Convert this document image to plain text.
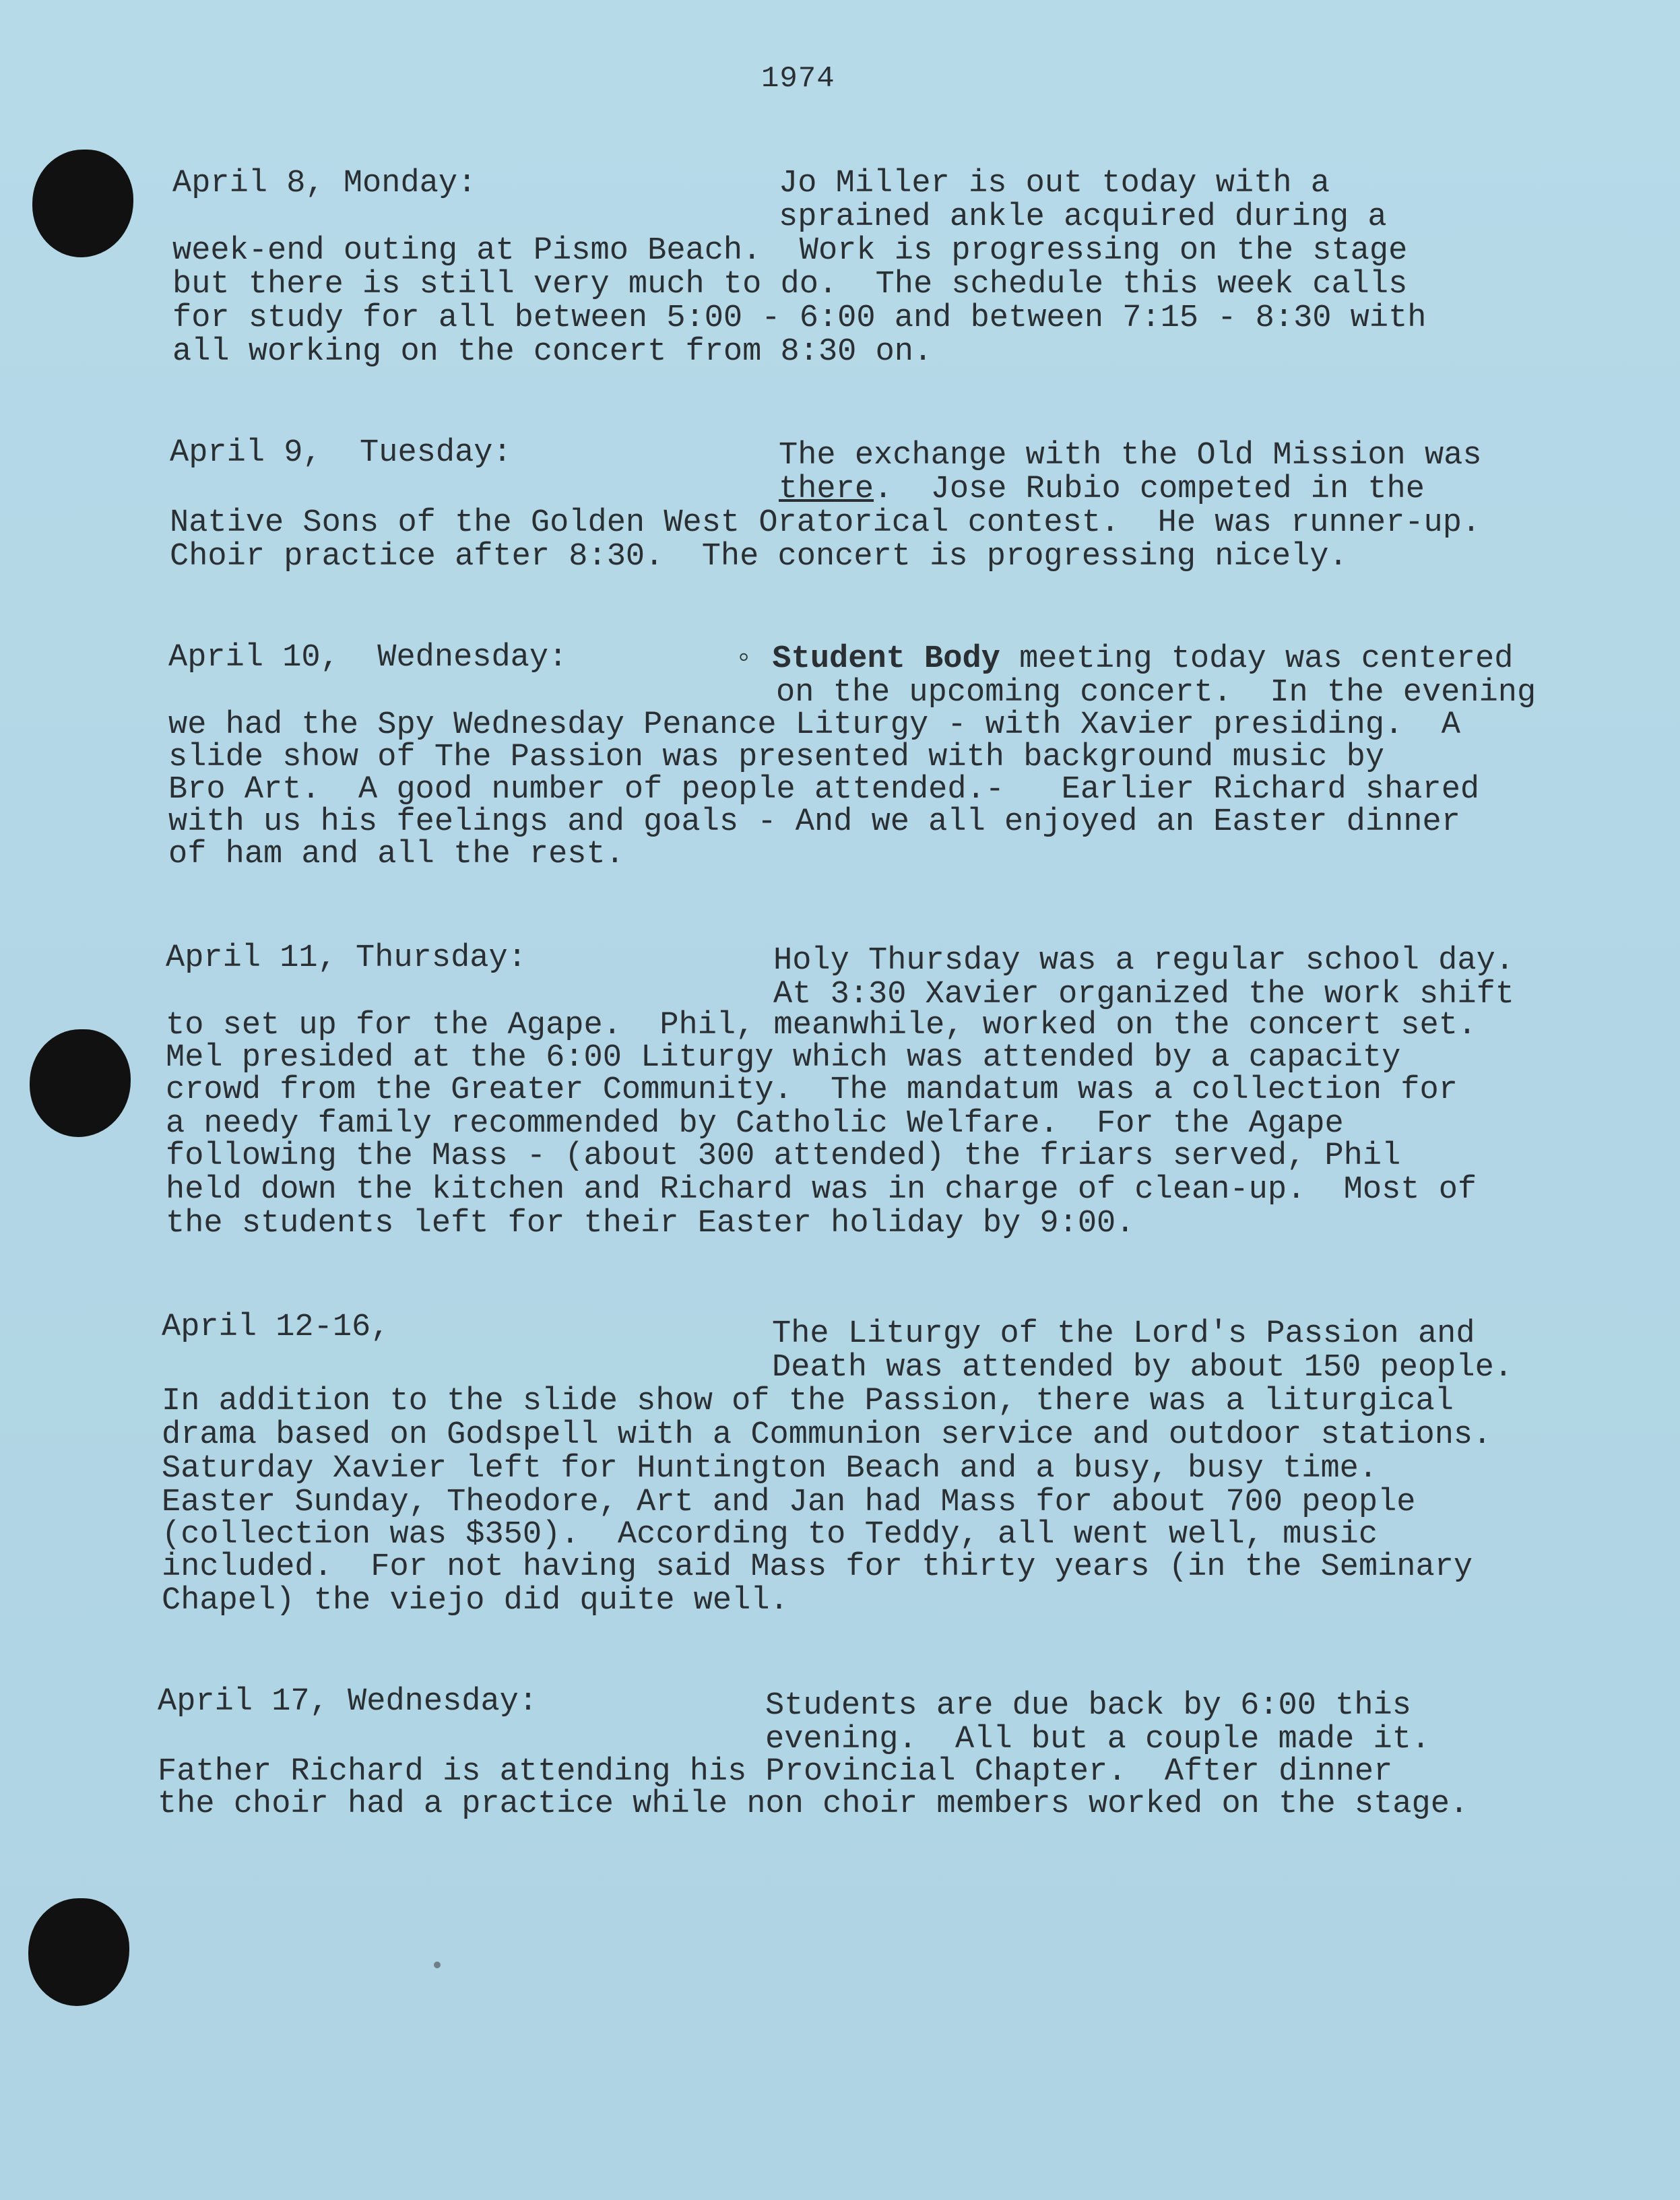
1974

April 8, Monday:

	Jo Miller is out today with a

sprained ankle acquired during a

week-end outing at Pismo Beach.  Work is progressing on the stage

but there is still very much to do.  The schedule this week calls

for study for all between 5:00 - 6:00 and between 7:15 - 8:30 with

all working on the concert from 8:30 on.

April 9,  Tuesday:

	The exchange with the Old Mission was

there.  Jose Rubio competed in the

Native Sons of the Golden West Oratorical contest.  He was runner-up.

Choir practice after 8:30.  The concert is progressing nicely.

April 10,  Wednesday:

	◦ Student Body meeting today was centered

on the upcoming concert.  In the evening

we had the Spy Wednesday Penance Liturgy - with Xavier presiding.  A

slide show of The Passion was presented with background music by

Bro Art.  A good number of people attended.-   Earlier Richard shared

with us his feelings and goals - And we all enjoyed an Easter dinner

of ham and all the rest.

April 11, Thursday:

	Holy Thursday was a regular school day.

At 3:30 Xavier organized the work shift

to set up for the Agape.  Phil, meanwhile, worked on the concert set.

Mel presided at the 6:00 Liturgy which was attended by a capacity

crowd from the Greater Community.  The mandatum was a collection for

a needy family recommended by Catholic Welfare.  For the Agape

following the Mass - (about 300 attended) the friars served, Phil

held down the kitchen and Richard was in charge of clean-up.  Most of

the students left for their Easter holiday by 9:00.

April 12-16,

	The Liturgy of the Lord's Passion and

Death was attended by about 150 people.

In addition to the slide show of the Passion, there was a liturgical

drama based on Godspell with a Communion service and outdoor stations.

Saturday Xavier left for Huntington Beach and a busy, busy time.

Easter Sunday, Theodore, Art and Jan had Mass for about 700 people

(collection was $350).  According to Teddy, all went well, music

included.  For not having said Mass for thirty years (in the Seminary

Chapel) the viejo did quite well.

April 17, Wednesday:

	Students are due back by 6:00 this

evening.  All but a couple made it.

Father Richard is attending his Provincial Chapter.  After dinner

the choir had a practice while non choir members worked on the stage.
